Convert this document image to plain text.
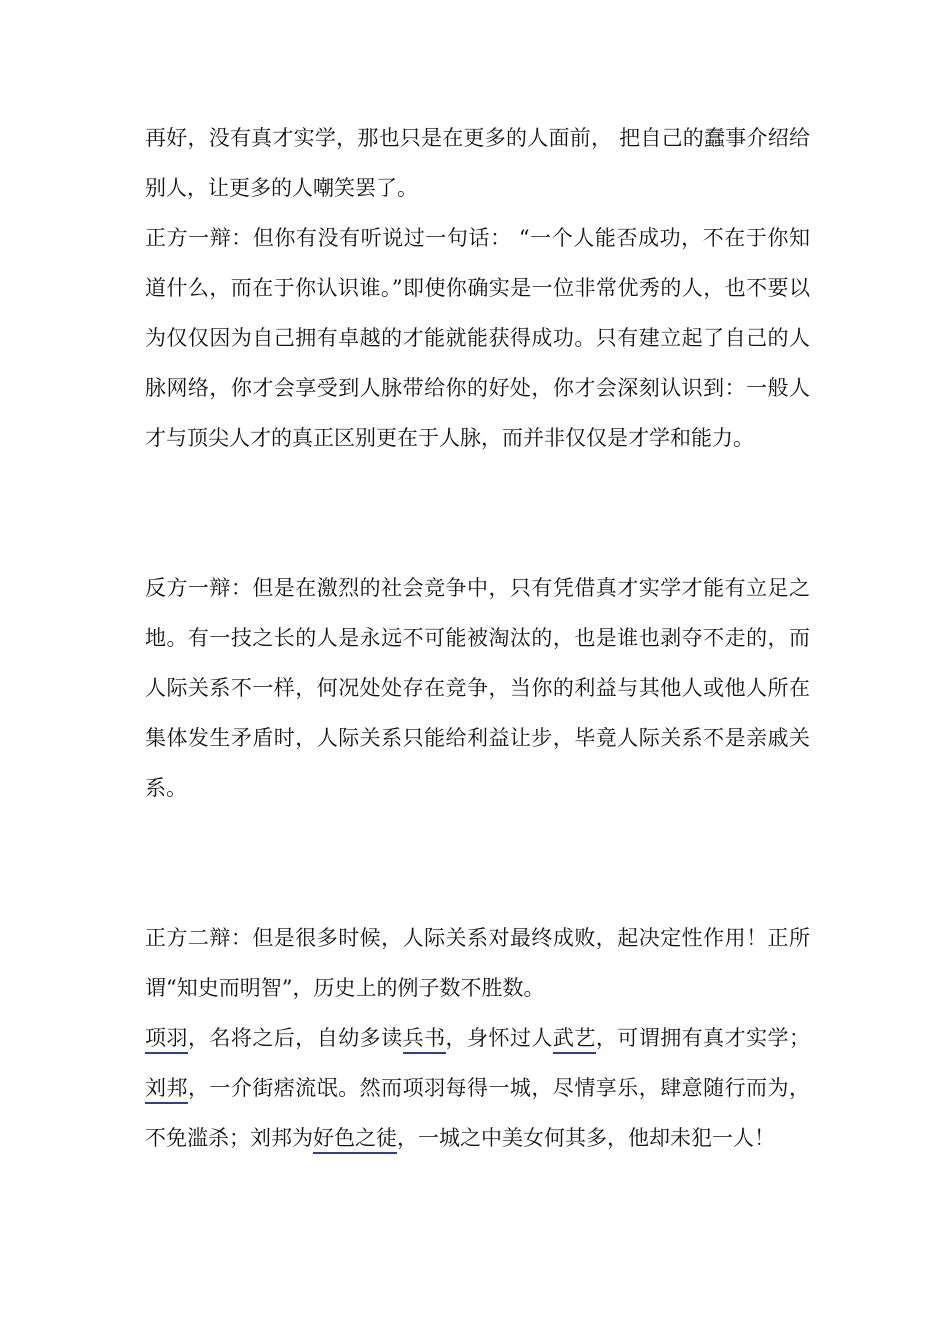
再好，没有真才实学，那也只是在更多的人面前， 把自己的蠢事介绍给别人，让更多的人嘲笑罢了。

正方一辩：但你有没有听说过一句话： “一个人能否成功，不在于你知道什么，而在于你认识谁。”即使你确实是一位非常优秀的人，也不要以为仅仅因为自己拥有卓越的才能就能获得成功。只有建立起了自己的人脉网络，你才会享受到人脉带给你的好处，你才会深刻认识到：一般人才与顶尖人才的真正区别更在于人脉，而并非仅仅是才学和能力。

反方一辩：但是在激烈的社会竞争中，只有凭借真才实学才能有立足之地。有一技之长的人是永远不可能被淘汰的，也是谁也剥夺不走的，而人际关系不一样，何况处处存在竞争，当你的利益与其他人或他人所在集体发生矛盾时，人际关系只能给利益让步，毕竟人际关系不是亲戚关系。

正方二辩：但是很多时候，人际关系对最终成败，起决定性作用！正所谓“知史而明智”，历史上的例子数不胜数。

项羽，名将之后，自幼多读兵书，身怀过人武艺，可谓拥有真才实学；刘邦，一介街痞流氓。然而项羽每得一城，尽情享乐，肆意随行而为，不免滥杀；刘邦为好色之徒，一城之中美女何其多，他却未犯一人！
